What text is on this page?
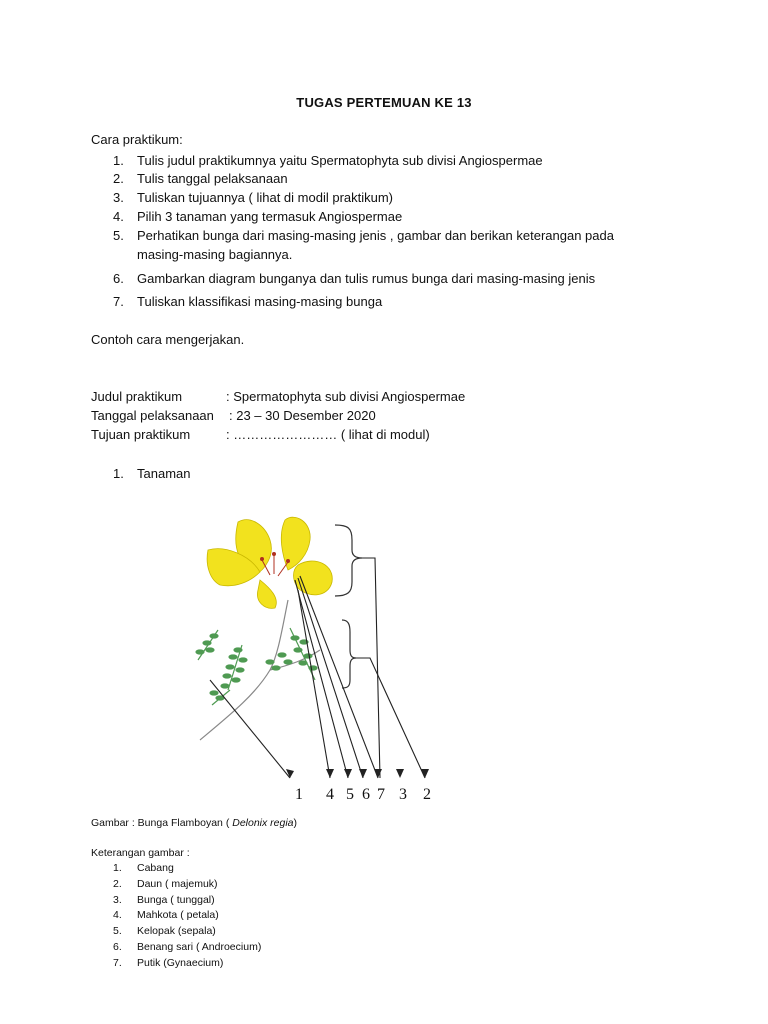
TUGAS PERTEMUAN KE 13
Cara praktikum:
1. Tulis judul praktikumnya yaitu Spermatophyta sub divisi Angiospermae
2. Tulis tanggal pelaksanaan
3. Tuliskan tujuannya ( lihat di modil praktikum)
4. Pilih 3 tanaman yang termasuk Angiospermae
5. Perhatikan bunga dari masing-masing jenis , gambar dan berikan keterangan pada
masing-masing bagiannya.
6. Gambarkan diagram bunganya dan tulis rumus bunga dari masing-masing jenis
7. Tuliskan klassifikasi masing-masing bunga
Contoh cara mengerjakan.
Judul praktikum	: Spermatophyta sub divisi Angiospermae
Tanggal pelaksanaan : 23 – 30 Desember 2020
Tujuan praktikum	: …………………… ( lihat di modul)
1. Tanaman
1 4 5 6 7 3 2
Gambar : Bunga Flamboyan ( Delonix regia)
Keterangan gambar :
1. Cabang
2. Daun ( majemuk)
3. Bunga ( tunggal)
4. Mahkota ( petala)
5. Kelopak (sepala)
6. Benang sari ( Androecium)
7. Putik (Gynaecium)
